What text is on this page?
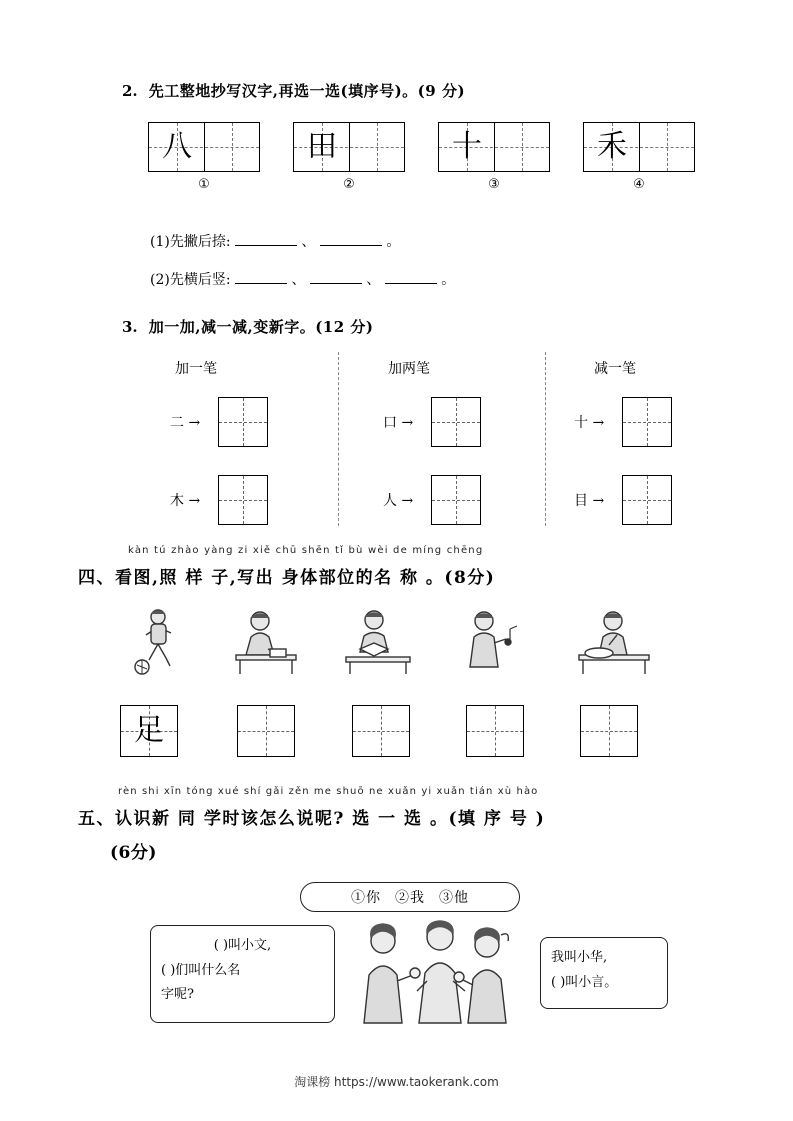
2. 先工整地抄写汉字,再选一选(填序号)。(9 分)
八
①
田
②
十
③
禾
④
(1)先撇后捺:	、	。
(2)先横后竖:	、	、	。
3. 加一加,减一减,变新字。(12 分)
加一笔	加两笔	减一笔
二 →	口 →	十 →
木 →	人 →	目 →
kàn tú zhào yàng zi xiě chū shēn tǐ bù wèi de míng chēng
四、看图,照 样 子,写出 身体部位的名 称 。(8分)
足
rèn shi xīn tóng xué shí gǎi zěn me shuō ne xuǎn yi xuǎn tián xù hào
五、认识新 同 学时该怎么说呢? 选 一 选 。(填 序 号 )
(6分)
①你 ②我 ③他
( )叫小文,
( )们叫什么名
字呢?
我叫小华,
( )叫小言。
淘课榜 https://www.taokerank.com
